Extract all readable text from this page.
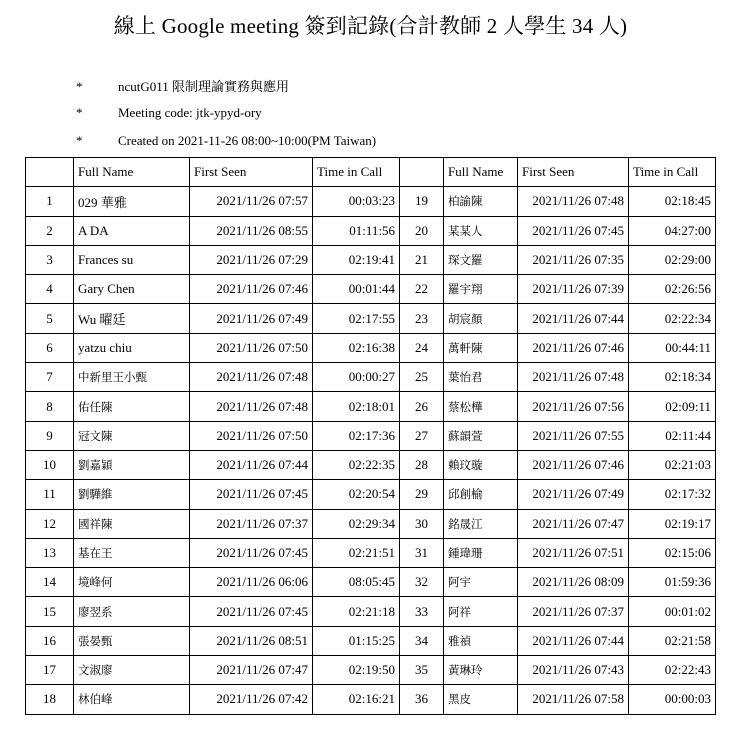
線上 Google meeting 簽到記錄(合計教師 2 人學生 34 人)
*	ncutG011 限制理論實務與應用
*	Meeting code: jtk-ypyd-ory
*	Created on 2021-11-26 08:00~10:00(PM Taiwan)
	Full Name	First Seen	Time in Call		Full Name	First Seen	Time in Call
1	029 華雅	2021/11/26 07:57	00:03:23	19	柏諭陳	2021/11/26 07:48	02:18:45
2	A DA	2021/11/26 08:55	01:11:56	20	某某人	2021/11/26 07:45	04:27:00
3	Frances su	2021/11/26 07:29	02:19:41	21	琛文羅	2021/11/26 07:35	02:29:00
4	Gary Chen	2021/11/26 07:46	00:01:44	22	羅宇翔	2021/11/26 07:39	02:26:56
5	Wu 曜廷	2021/11/26 07:49	02:17:55	23	胡宸顏	2021/11/26 07:44	02:22:34
6	yatzu chiu	2021/11/26 07:50	02:16:38	24	萬軒陳	2021/11/26 07:46	00:44:11
7	中新里王小甄	2021/11/26 07:48	00:00:27	25	葉怡君	2021/11/26 07:48	02:18:34
8	佑任陳	2021/11/26 07:48	02:18:01	26	蔡松樺	2021/11/26 07:56	02:09:11
9	冠文陳	2021/11/26 07:50	02:17:36	27	蘇韻萱	2021/11/26 07:55	02:11:44
10	劉嘉穎	2021/11/26 07:44	02:22:35	28	賴玟璇	2021/11/26 07:46	02:21:03
11	劉驊維	2021/11/26 07:45	02:20:54	29	邱創榆	2021/11/26 07:49	02:17:32
12	國祥陳	2021/11/26 07:37	02:29:34	30	銘晟江	2021/11/26 07:47	02:19:17
13	基在王	2021/11/26 07:45	02:21:51	31	鍾瑋珊	2021/11/26 07:51	02:15:06
14	境峰何	2021/11/26 06:06	08:05:45	32	阿宇	2021/11/26 08:09	01:59:36
15	廖翌系	2021/11/26 07:45	02:21:18	33	阿祥	2021/11/26 07:37	00:01:02
16	張晏甄	2021/11/26 08:51	01:15:25	34	雅禎	2021/11/26 07:44	02:21:58
17	文淑廖	2021/11/26 07:47	02:19:50	35	黃琳玲	2021/11/26 07:43	02:22:43
18	林伯峰	2021/11/26 07:42	02:16:21	36	黑皮	2021/11/26 07:58	00:00:03
